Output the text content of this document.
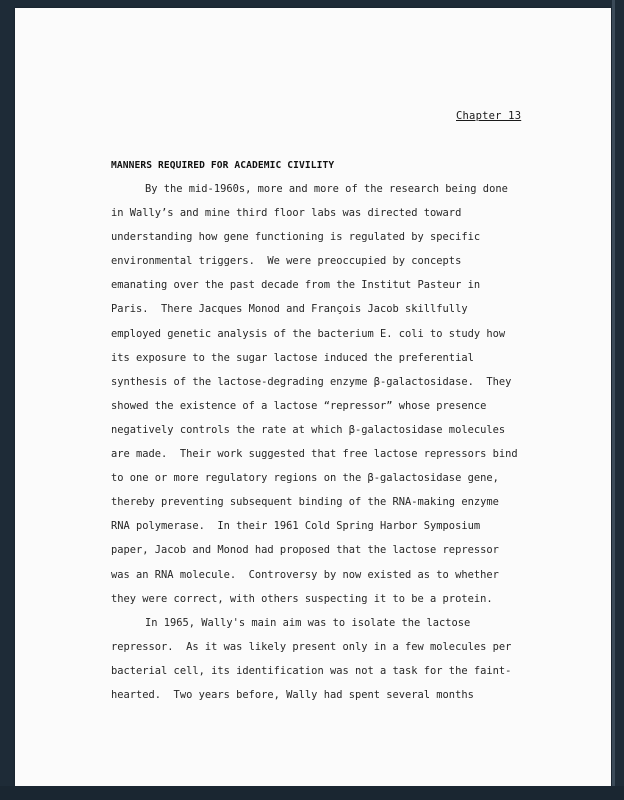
Chapter 13
MANNERS REQUIRED FOR ACADEMIC CIVILITY
By the mid-1960s, more and more of the research being done
in Wally’s and mine third floor labs was directed toward
understanding how gene functioning is regulated by specific
environmental triggers.  We were preoccupied by concepts
emanating over the past decade from the Institut Pasteur in
Paris.  There Jacques Monod and François Jacob skillfully
employed genetic analysis of the bacterium E. coli to study how
its exposure to the sugar lactose induced the preferential
synthesis of the lactose-degrading enzyme β-galactosidase.  They
showed the existence of a lactose “repressor” whose presence
negatively controls the rate at which β-galactosidase molecules
are made.  Their work suggested that free lactose repressors bind
to one or more regulatory regions on the β-galactosidase gene,
thereby preventing subsequent binding of the RNA-making enzyme
RNA polymerase.  In their 1961 Cold Spring Harbor Symposium
paper, Jacob and Monod had proposed that the lactose repressor
was an RNA molecule.  Controversy by now existed as to whether
they were correct, with others suspecting it to be a protein.
In 1965, Wally's main aim was to isolate the lactose
repressor.  As it was likely present only in a few molecules per
bacterial cell, its identification was not a task for the faint-
hearted.  Two years before, Wally had spent several months
